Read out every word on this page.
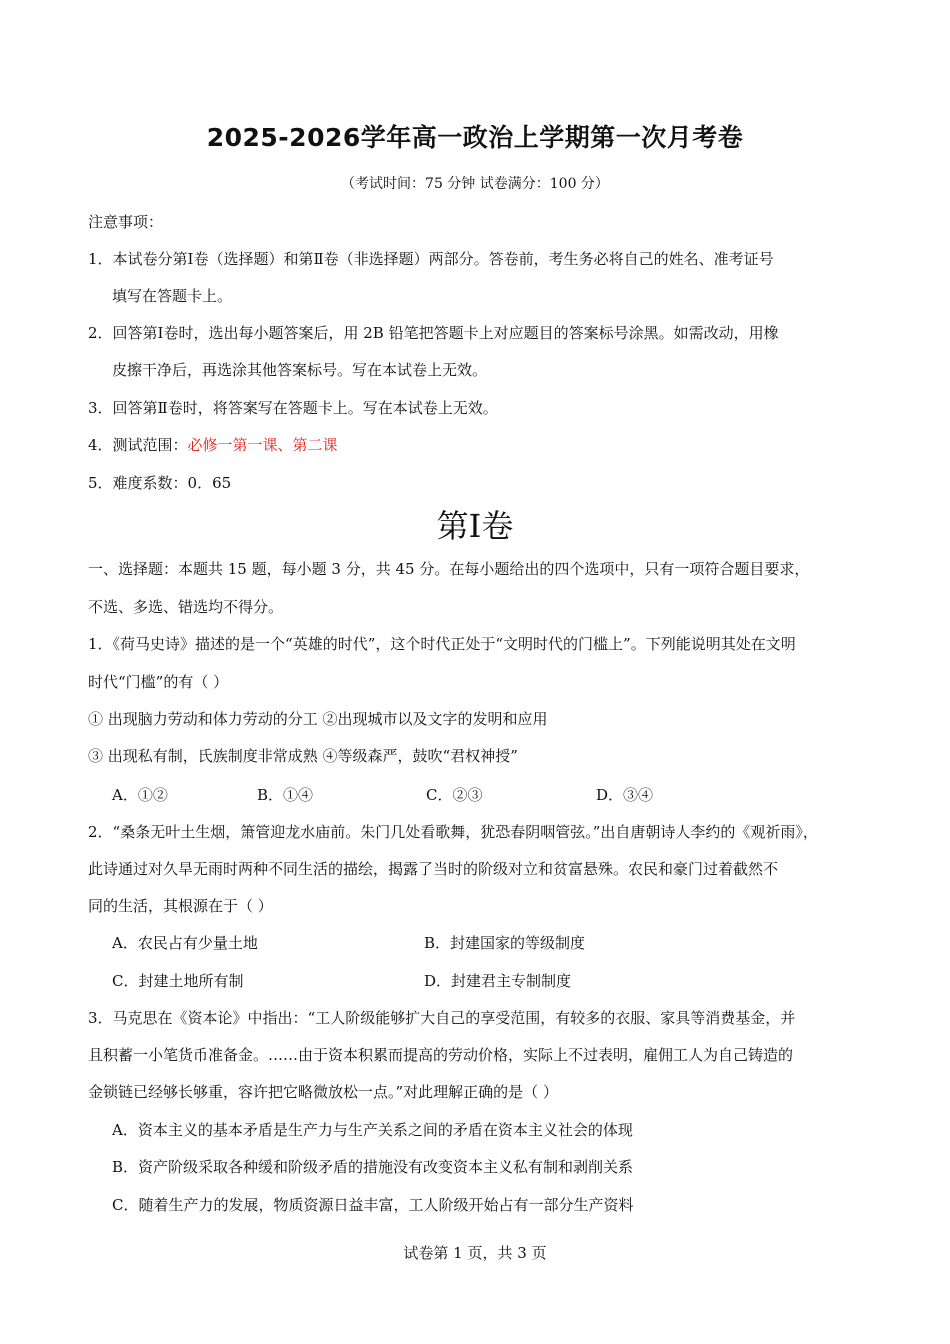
2025-2026学年高一政治上学期第一次月考卷
（考试时间：75 分钟 试卷满分：100 分）
注意事项：
1．本试卷分第Ⅰ卷（选择题）和第Ⅱ卷（非选择题）两部分。答卷前，考生务必将自己的姓名、准考证号
填写在答题卡上。
2．回答第Ⅰ卷时，选出每小题答案后，用 2B 铅笔把答题卡上对应题目的答案标号涂黑。如需改动，用橡
皮擦干净后，再选涂其他答案标号。写在本试卷上无效。
3．回答第Ⅱ卷时，将答案写在答题卡上。写在本试卷上无效。
4．测试范围：必修一第一课、第二课
5．难度系数：0．65
第Ⅰ卷
一、选择题：本题共 15 题，每小题 3 分，共 45 分。在每小题给出的四个选项中，只有一项符合题目要求，
不选、多选、错选均不得分。
1．《荷马史诗》描述的是一个“英雄的时代”，这个时代正处于“文明时代的门槛上”。下列能说明其处在文明
时代“门槛”的有（ ）
① 出现脑力劳动和体力劳动的分工 ②出现城市以及文字的发明和应用
③ 出现私有制，氏族制度非常成熟 ④等级森严，鼓吹“君权神授”
A．①②	B．①④	C．②③	D．③④
2．“桑条无叶土生烟，箫管迎龙水庙前。朱门几处看歌舞，犹恐春阴咽管弦。”出自唐朝诗人李约的《观祈雨》，
此诗通过对久旱无雨时两种不同生活的描绘，揭露了当时的阶级对立和贫富悬殊。农民和豪门过着截然不
同的生活，其根源在于（ ）
A．农民占有少量土地	B．封建国家的等级制度
C．封建土地所有制	D．封建君主专制制度
3．马克思在《资本论》中指出：“工人阶级能够扩大自己的享受范围，有较多的衣服、家具等消费基金，并
且积蓄一小笔货币准备金。……由于资本积累而提高的劳动价格，实际上不过表明，雇佣工人为自己铸造的
金锁链已经够长够重，容许把它略微放松一点。”对此理解正确的是（ ）
A．资本主义的基本矛盾是生产力与生产关系之间的矛盾在资本主义社会的体现
B．资产阶级采取各种缓和阶级矛盾的措施没有改变资本主义私有制和剥削关系
C．随着生产力的发展，物质资源日益丰富，工人阶级开始占有一部分生产资料
试卷第 1 页，共 3 页
